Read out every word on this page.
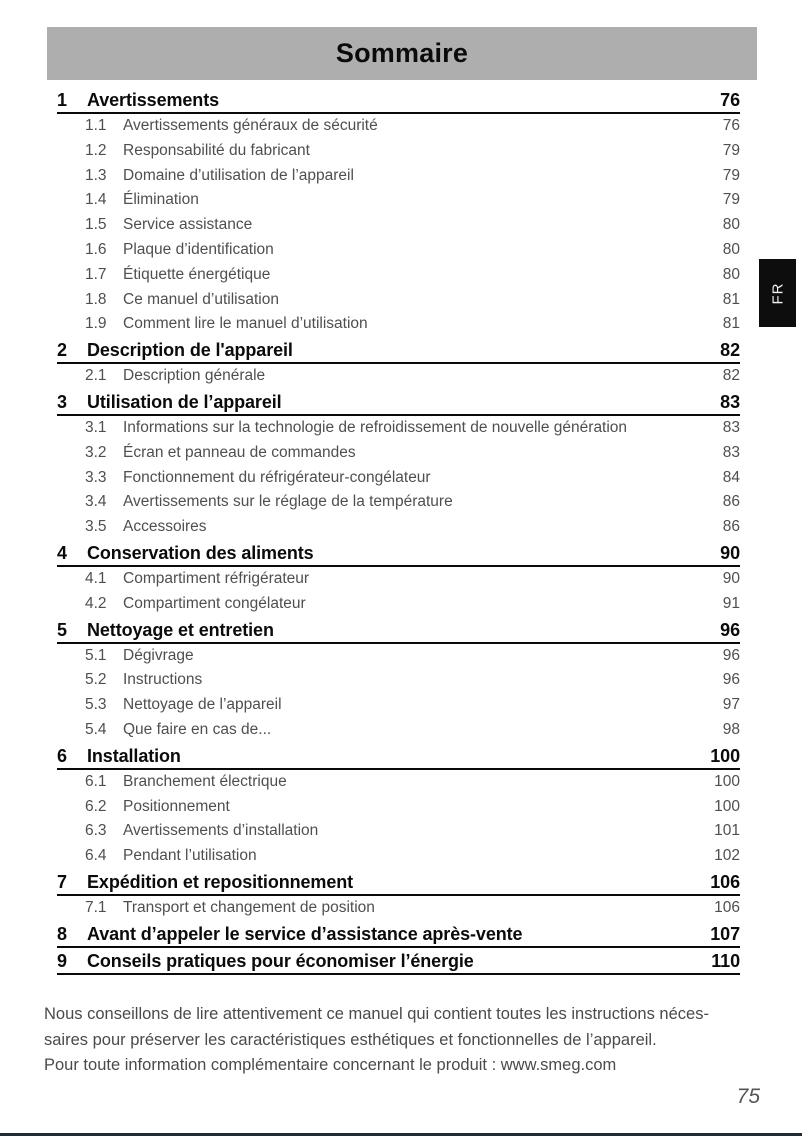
Sommaire
1	Avertissements	76
1.1	Avertissements généraux de sécurité	76
1.2	Responsabilité du fabricant	79
1.3	Domaine d’utilisation de l’appareil	79
1.4	Élimination	79
1.5	Service assistance	80
1.6	Plaque d’identification	80
1.7	Étiquette énergétique	80
1.8	Ce manuel d’utilisation	81
1.9	Comment lire le manuel d’utilisation	81
2	Description de l'appareil	82
2.1	Description générale	82
3	Utilisation de l’appareil	83
3.1	Informations sur la technologie de refroidissement de nouvelle génération	83
3.2	Écran et panneau de commandes	83
3.3	Fonctionnement du réfrigérateur-congélateur	84
3.4	Avertissements sur le réglage de la température	86
3.5	Accessoires	86
4	Conservation des aliments	90
4.1	Compartiment réfrigérateur	90
4.2	Compartiment congélateur	91
5	Nettoyage et entretien	96
5.1	Dégivrage	96
5.2	Instructions	96
5.3	Nettoyage de l’appareil	97
5.4	Que faire en cas de...	98
6	Installation	100
6.1	Branchement électrique	100
6.2	Positionnement	100
6.3	Avertissements d’installation	101
6.4	Pendant l’utilisation	102
7	Expédition et repositionnement	106
7.1	Transport et changement de position	106
8	Avant d’appeler le service d’assistance après-vente	107
9	Conseils pratiques pour économiser l’énergie	110
FR
Nous conseillons de lire attentivement ce manuel qui contient toutes les instructions néces-
saires pour préserver les caractéristiques esthétiques et fonctionnelles de l’appareil.
Pour toute information complémentaire concernant le produit : www.smeg.com
75
